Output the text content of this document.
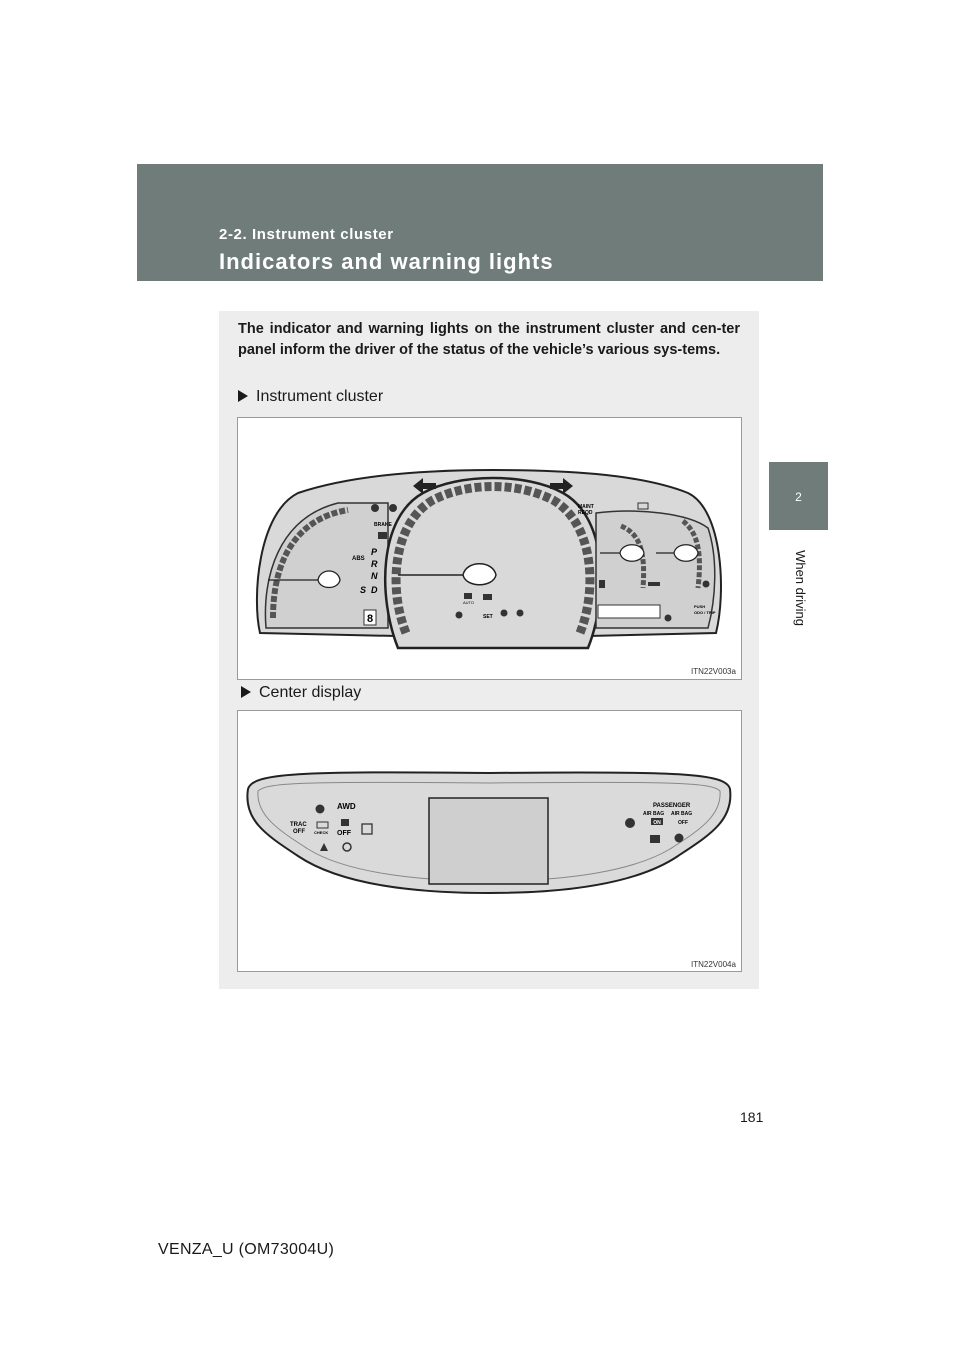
2-2. Instrument cluster
Indicators and warning lights
2
When driving
The indicator and warning lights on the instrument cluster and cen-ter panel inform the driver of the status of the vehicle’s various sys-tems.
Instrument cluster
8
BRAKE
ABS
P
R
N
D
S
MAINT
REQD
AUTO
SET
PUSH
ODO / TRIP
ITN22V003a
Center display
AWD
TRAC
OFF CHECK OFF
PASSENGER
AIR BAG
ON
AIR BAG
OFF
ITN22V004a
181
VENZA_U (OM73004U)
